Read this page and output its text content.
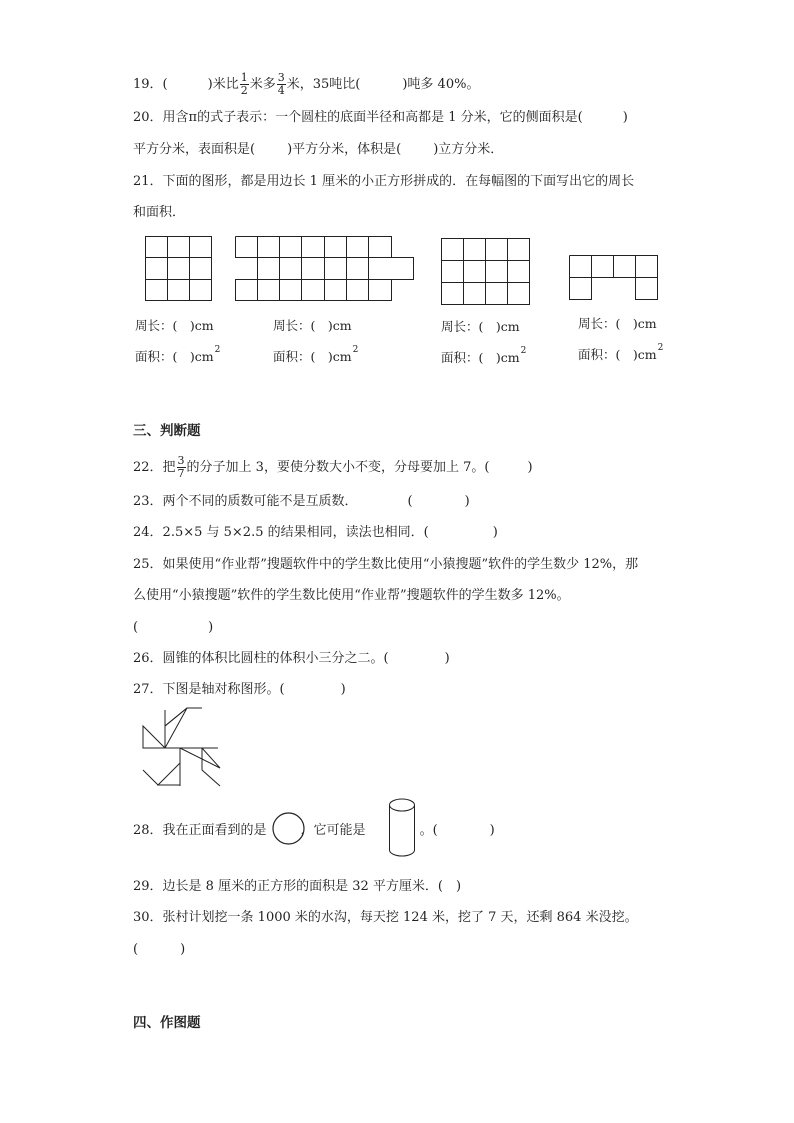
19．(	)米比 $\frac{1}{2}$ 米多 $\frac{3}{4}$ 米，35吨比(	)吨多 40%。
20．用含π的式子表示：一个圆柱的底面半径和高都是 1 分米，它的侧面积是(	)
平方分米，表面积是( )平方分米，体积是( )立方分米．
21．下面的图形，都是用边长 1 厘米的小正方形拼成的．在每幅图的下面写出它的周长
和面积．
周长：(　)cm
面积：(　)$cm^2$
周长：(　)cm
面积：(　)$cm^2$
周长：(　)cm
面积：(　)$cm^2$
周长：(　)cm
面积：(　)$cm^2$
三、判断题
22．把 $\frac{3}{7}$ 的分子加上 3，要使分数大小不变，分母要加上 7。(	)
23．两个不同的质数可能不是互质数．	(	)
24．2.5×5 与 5×2.5 的结果相同，读法也相同．(	)
25．如果使用“作业帮”搜题软件中的学生数比使用“小猿搜题”软件的学生数少 12%，那
么使用“小猿搜题”软件的学生数比使用“作业帮”搜题软件的学生数多 12%。
(	)
26．圆锥的体积比圆柱的体积小三分之二。(	)
27．下图是轴对称图形。(	)
28．我在正面看到的是	，它可能是	。(	)
29．边长是 8 厘米的正方形的面积是 32 平方厘米．(　)
30．张村计划挖一条 1000 米的水沟，每天挖 124 米，挖了 7 天，还剩 864 米没挖。
(	)
四、作图题
